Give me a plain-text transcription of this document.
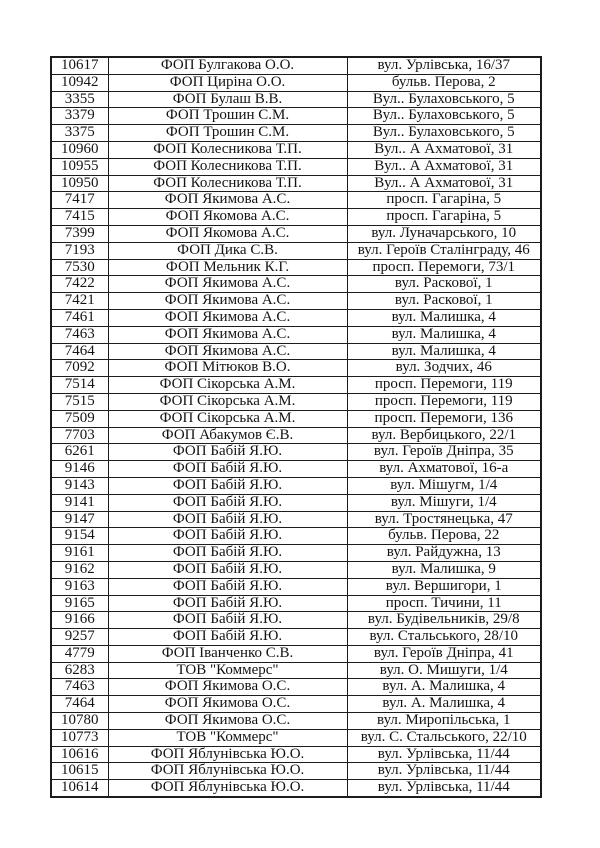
10617	ФОП Булгакова О.О.	вул. Урлівська, 16/37
10942	ФОП Циріна О.О.	бульв. Перова, 2
3355	ФОП Булаш В.В.	Вул.. Булаховського, 5
3379	ФОП Трошин С.М.	Вул.. Булаховського, 5
3375	ФОП Трошин С.М.	Вул.. Булаховського, 5
10960	ФОП Колесникова Т.П.	Вул.. А Ахматової, 31
10955	ФОП Колесникова Т.П.	Вул.. А Ахматової, 31
10950	ФОП Колесникова Т.П.	Вул.. А Ахматової, 31
7417	ФОП Якимова А.С.	просп. Гагаріна, 5
7415	ФОП Якомова А.С.	просп. Гагаріна, 5
7399	ФОП Якомова А.С.	вул. Луначарського, 10
7193	ФОП Дика С.В.	вул. Героїв Сталінграду, 46
7530	ФОП Мельник К.Г.	просп. Перемоги, 73/1
7422	ФОП Якимова А.С.	вул. Раскової, 1
7421	ФОП Якимова А.С.	вул. Раскової, 1
7461	ФОП Якимова А.С.	вул. Малишка, 4
7463	ФОП Якимова А.С.	вул. Малишка, 4
7464	ФОП Якимова А.С.	вул. Малишка, 4
7092	ФОП Мітюков В.О.	вул. Зодчих, 46
7514	ФОП Сікорська А.М.	просп. Перемоги, 119
7515	ФОП Сікорська А.М.	просп. Перемоги, 119
7509	ФОП Сікорська А.М.	просп. Перемоги, 136
7703	ФОП Абакумов Є.В.	вул. Вербицького, 22/1
6261	ФОП Бабій Я.Ю.	вул. Героїв Дніпра, 35
9146	ФОП Бабій Я.Ю.	вул. Ахматової, 16-а
9143	ФОП Бабій Я.Ю.	вул. Мішугм, 1/4
9141	ФОП Бабій Я.Ю.	вул. Мішуги, 1/4
9147	ФОП Бабій Я.Ю.	вул. Тростянецька, 47
9154	ФОП Бабій Я.Ю.	бульв. Перова, 22
9161	ФОП Бабій Я.Ю.	вул. Райдужна, 13
9162	ФОП Бабій Я.Ю.	вул. Малишка, 9
9163	ФОП Бабій Я.Ю.	вул. Вершигори, 1
9165	ФОП Бабій Я.Ю.	просп. Тичини, 11
9166	ФОП Бабій Я.Ю.	вул. Будівельників, 29/8
9257	ФОП Бабій Я.Ю.	вул. Стальського, 28/10
4779	ФОП Іванченко С.В.	вул. Героїв Дніпра, 41
6283	ТОВ "Коммерс"	вул. О. Мишуги, 1/4
7463	ФОП Якимова О.С.	вул. А. Малишка, 4
7464	ФОП Якимова О.С.	вул. А. Малишка, 4
10780	ФОП Якимова О.С.	вул. Миропільська, 1
10773	ТОВ "Коммерс"	вул. С. Стальського, 22/10
10616	ФОП Яблунівська Ю.О.	вул. Урлівська, 11/44
10615	ФОП Яблунівська Ю.О.	вул. Урлівська, 11/44
10614	ФОП Яблунівська Ю.О.	вул. Урлівська, 11/44
